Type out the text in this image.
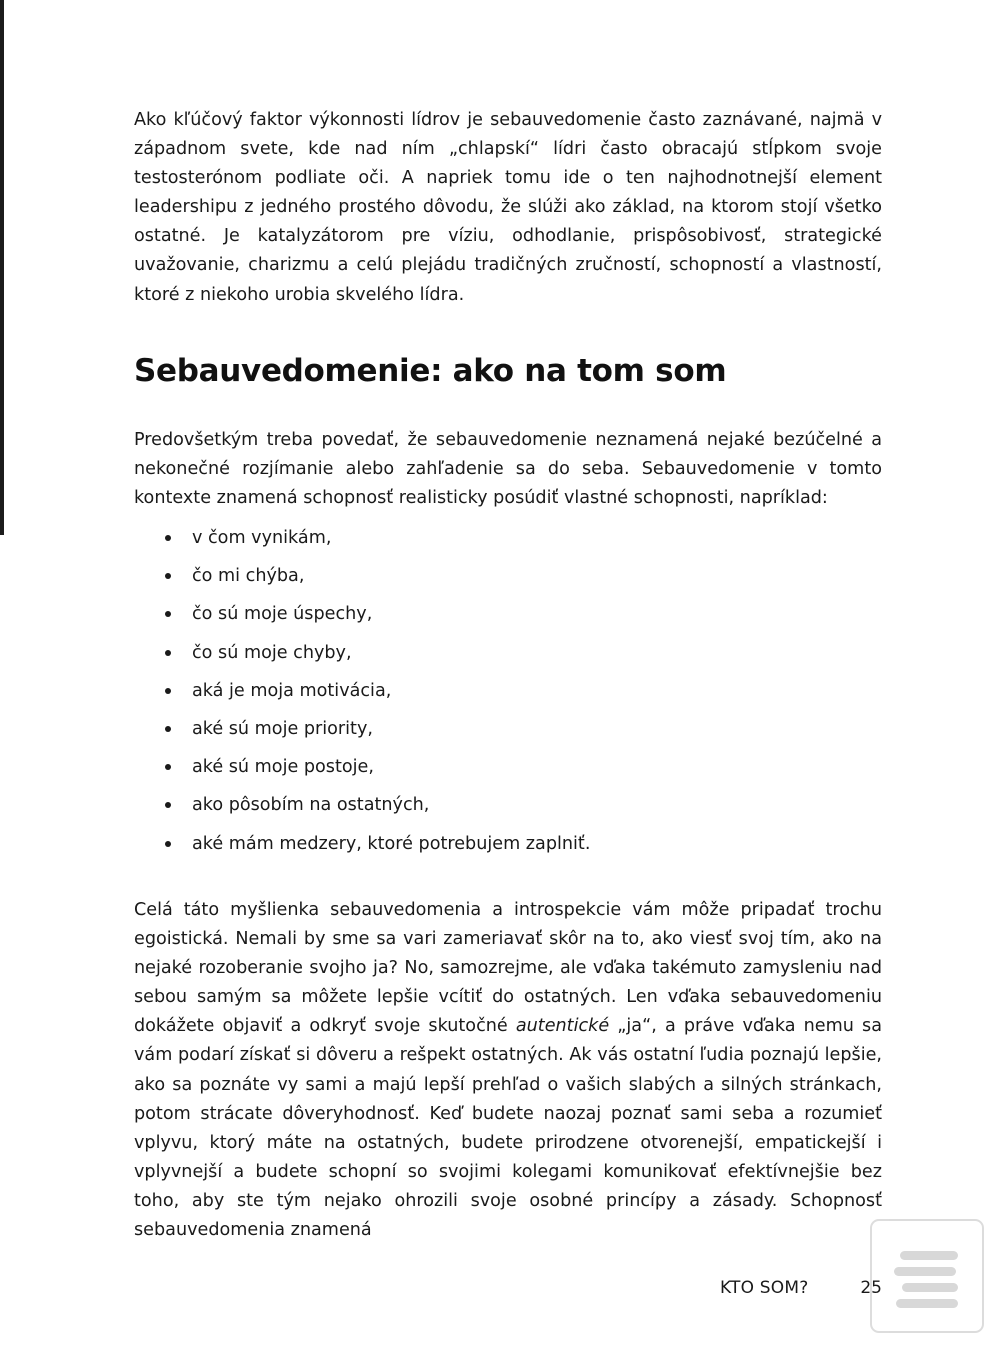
Ako kľúčový faktor výkonnosti lídrov je sebauvedomenie často zaznávané, najmä v západnom svete, kde nad ním „chlapskí“ lídri často obracajú stĺpkom svoje testosterónom podliate oči. A napriek tomu ide o ten najhodnotnejší element leadershipu z jedného prostého dôvodu, že slúži ako základ, na ktorom stojí všetko ostatné. Je katalyzátorom pre víziu, odhodlanie, prispôsobivosť, strategické uvažovanie, charizmu a celú plejádu tradičných zručností, schopností a vlastností, ktoré z niekoho urobia skvelého lídra.

Sebauvedomenie: ako na tom som

Predovšetkým treba povedať, že sebauvedomenie neznamená nejaké bezúčelné a nekonečné rozjímanie alebo zahľadenie sa do seba. Sebauvedomenie v tomto kontexte znamená schopnosť realisticky posúdiť vlastné schopnosti, napríklad:

v čom vynikám,
čo mi chýba,
čo sú moje úspechy,
čo sú moje chyby,
aká je moja motivácia,
aké sú moje priority,
aké sú moje postoje,
ako pôsobím na ostatných,
aké mám medzery, ktoré potrebujem zaplniť.

Celá táto myšlienka sebauvedomenia a introspekcie vám môže pripadať trochu egoistická. Nemali by sme sa vari zameriavať skôr na to, ako viesť svoj tím, ako na nejaké rozoberanie svojho ja? No, samozrejme, ale vďaka takémuto zamysleniu nad sebou samým sa môžete lepšie vcítiť do ostatných. Len vďaka sebauvedomeniu dokážete objaviť a odkryť svoje skutočné autentické „ja“, a práve vďaka nemu sa vám podarí získať si dôveru a rešpekt ostatných. Ak vás ostatní ľudia poznajú lepšie, ako sa poznáte vy sami a majú lepší prehľad o vašich slabých a silných stránkach, potom strácate dôveryhodnosť. Keď budete naozaj poznať sami seba a rozumieť vplyvu, ktorý máte na ostatných, budete prirodzene otvorenejší, empatickejší i vplyvnejší a budete schopní so svojimi kolegami komunikovať efektívnejšie bez toho, aby ste tým nejako ohrozili svoje osobné princípy a zásady. Schopnosť sebauvedomenia znamená

KTO SOM?	25
